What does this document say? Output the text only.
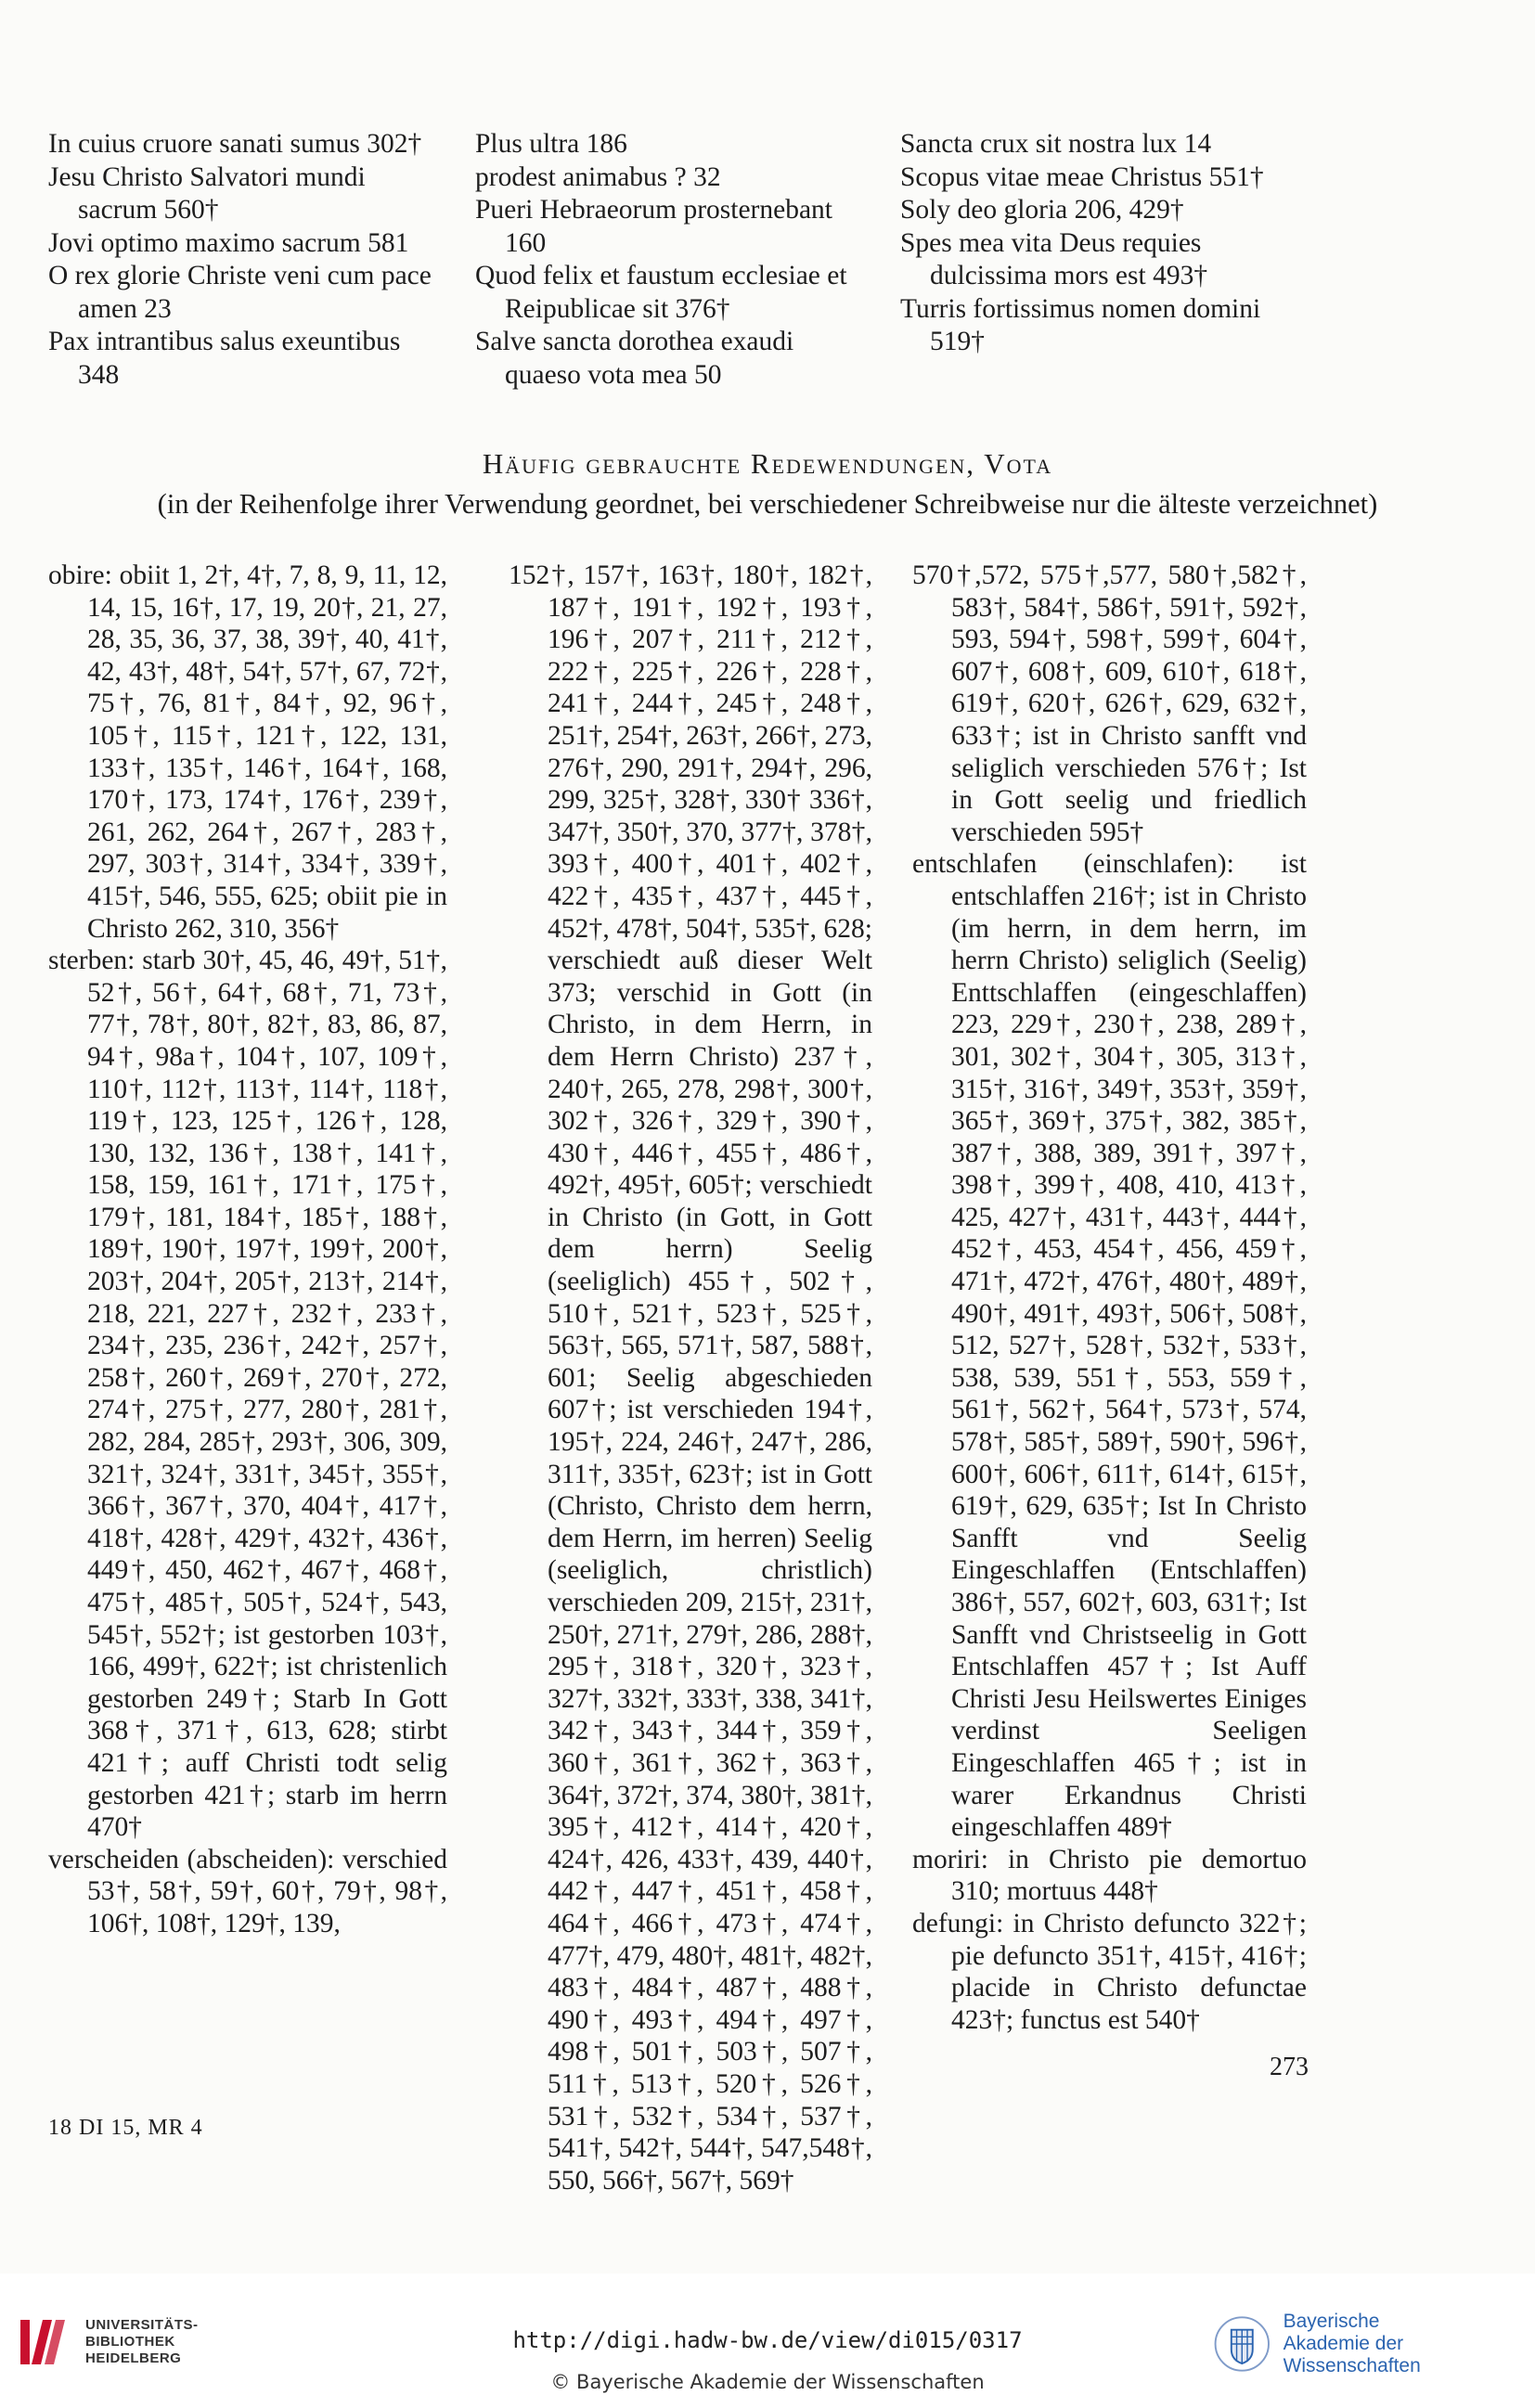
In cuius cruore sanati sumus 302†
Jesu Christo Salvatori mundi sacrum 560†
Jovi optimo maximo sacrum 581
O rex glorie Christe veni cum pace amen 23
Pax intrantibus salus exeuntibus 348
Plus ultra 186
prodest animabus ? 32
Pueri Hebraeorum prosternebant 160
Quod felix et faustum ecclesiae et Reipublicae sit 376†
Salve sancta dorothea exaudi quaeso vota mea 50
Sancta crux sit nostra lux 14
Scopus vitae meae Christus 551†
Soly deo gloria 206, 429†
Spes mea vita Deus requies dulcissima mors est 493†
Turris fortissimus nomen domini 519†
Häufig gebrauchte Redewendungen, Vota
(in der Reihenfolge ihrer Verwendung geordnet, bei verschiedener Schreibweise nur die älteste verzeichnet)
obire: obiit 1, 2†, 4†, 7, 8, 9, 11, 12, 14, 15, 16†, 17, 19, 20†, 21, 27, 28, 35, 36, 37, 38, 39†, 40, 41†, 42, 43†, 48†, 54†, 57†, 67, 72†, 75†, 76, 81†, 84†, 92, 96†, 105†, 115†, 121†, 122, 131, 133†, 135†, 146†, 164†, 168, 170†, 173, 174†, 176†, 239†, 261, 262, 264†, 267†, 283†, 297, 303†, 314†, 334†, 339†, 415†, 546, 555, 625; obiit pie in Christo 262, 310, 356†
sterben: starb 30†, 45, 46, 49†, 51†, 52†, 56†, 64†, 68†, 71, 73†, 77†, 78†, 80†, 82†, 83, 86, 87, 94†, 98a†, 104†, 107, 109†, 110†, 112†, 113†, 114†, 118†, 119†, 123, 125†, 126†, 128, 130, 132, 136†, 138†, 141†, 158, 159, 161†, 171†, 175†, 179†, 181, 184†, 185†, 188†, 189†, 190†, 197†, 199†, 200†, 203†, 204†, 205†, 213†, 214†, 218, 221, 227†, 232†, 233†, 234†, 235, 236†, 242†, 257†, 258†, 260†, 269†, 270†, 272, 274†, 275†, 277, 280†, 281†, 282, 284, 285†, 293†, 306, 309, 321†, 324†, 331†, 345†, 355†, 366†, 367†, 370, 404†, 417†, 418†, 428†, 429†, 432†, 436†, 449†, 450, 462†, 467†, 468†, 475†, 485†, 505†, 524†, 543, 545†, 552†; ist gestorben 103†, 166, 499†, 622†; ist christenlich gestorben 249†; Starb In Gott 368†, 371†, 613, 628; stirbt 421†; auff Christi todt selig gestorben 421†; starb im herrn 470†
verscheiden (abscheiden): verschied 53†, 58†, 59†, 60†, 79†, 98†, 106†, 108†, 129†, 139,
152†, 157†, 163†, 180†, 182†, 187†, 191†, 192†, 193†, 196†, 207†, 211†, 212†, 222†, 225†, 226†, 228†, 241†, 244†, 245†, 248†, 251†, 254†, 263†, 266†, 273, 276†, 290, 291†, 294†, 296, 299, 325†, 328†, 330† 336†, 347†, 350†, 370, 377†, 378†, 393†, 400†, 401†, 402†, 422†, 435†, 437†, 445†, 452†, 478†, 504†, 535†, 628; verschiedt auß dieser Welt 373; verschid in Gott (in Christo, in dem Herrn, in dem Herrn Christo) 237†, 240†, 265, 278, 298†, 300†, 302†, 326†, 329†, 390†, 430†, 446†, 455†, 486†, 492†, 495†, 605†; verschiedt in Christo (in Gott, in Gott dem herrn) Seelig (seeliglich) 455†, 502†, 510†, 521†, 523†, 525†, 563†, 565, 571†, 587, 588†, 601; Seelig abgeschieden 607†; ist verschieden 194†, 195†, 224, 246†, 247†, 286, 311†, 335†, 623†; ist in Gott (Christo, Christo dem herrn, dem Herrn, im herren) Seelig (seeliglich, christlich) verschieden 209, 215†, 231†, 250†, 271†, 279†, 286, 288†, 295†, 318†, 320†, 323†, 327†, 332†, 333†, 338, 341†, 342†, 343†, 344†, 359†, 360†, 361†, 362†, 363†, 364†, 372†, 374, 380†, 381†, 395†, 412†, 414†, 420†, 424†, 426, 433†, 439, 440†, 442†, 447†, 451†, 458†, 464†, 466†, 473†, 474†, 477†, 479, 480†, 481†, 482†, 483†, 484†, 487†, 488†, 490†, 493†, 494†, 497†, 498†, 501†, 503†, 507†, 511†, 513†, 520†, 526†, 531†, 532†, 534†, 537†, 541†, 542†, 544†, 547,548†, 550, 566†, 567†, 569†
570†,572, 575†,577, 580†,582†, 583†, 584†, 586†, 591†, 592†, 593, 594†, 598†, 599†, 604†, 607†, 608†, 609, 610†, 618†, 619†, 620†, 626†, 629, 632†, 633†; ist in Christo sanfft vnd seliglich verschieden 576†; Ist in Gott seelig und friedlich verschieden 595†
entschlafen (einschlafen): ist entschlaffen 216†; ist in Christo (im herrn, in dem herrn, im herrn Christo) seliglich (Seelig) Enttschlaffen (eingeschlaffen) 223, 229†, 230†, 238, 289†, 301, 302†, 304†, 305, 313†, 315†, 316†, 349†, 353†, 359†, 365†, 369†, 375†, 382, 385†, 387†, 388, 389, 391†, 397†, 398†, 399†, 408, 410, 413†, 425, 427†, 431†, 443†, 444†, 452†, 453, 454†, 456, 459†, 471†, 472†, 476†, 480†, 489†, 490†, 491†, 493†, 506†, 508†, 512, 527†, 528†, 532†, 533†, 538, 539, 551†, 553, 559†, 561†, 562†, 564†, 573†, 574, 578†, 585†, 589†, 590†, 596†, 600†, 606†, 611†, 614†, 615†, 619†, 629, 635†; Ist In Christo Sanfft vnd Seelig Eingeschlaffen (Entschlaffen) 386†, 557, 602†, 603, 631†; Ist Sanfft vnd Christseelig in Gott Entschlaffen 457†; Ist Auff Christi Jesu Heilswertes Einiges verdinst Seeligen Eingeschlaffen 465†; ist in warer Erkandnus Christi eingeschlaffen 489†
moriri: in Christo pie demortuo 310; mortuus 448†
defungi: in Christo defuncto 322†; pie defuncto 351†, 415†, 416†; placide in Christo defunctae 423†; functus est 540†
273
18 DI 15, MR 4
UNIVERSITÄTS-
BIBLIOTHEK
HEIDELBERG
http://digi.hadw-bw.de/view/di015/0317
© Bayerische Akademie der Wissenschaften
Bayerische
Akademie der Wissenschaften
